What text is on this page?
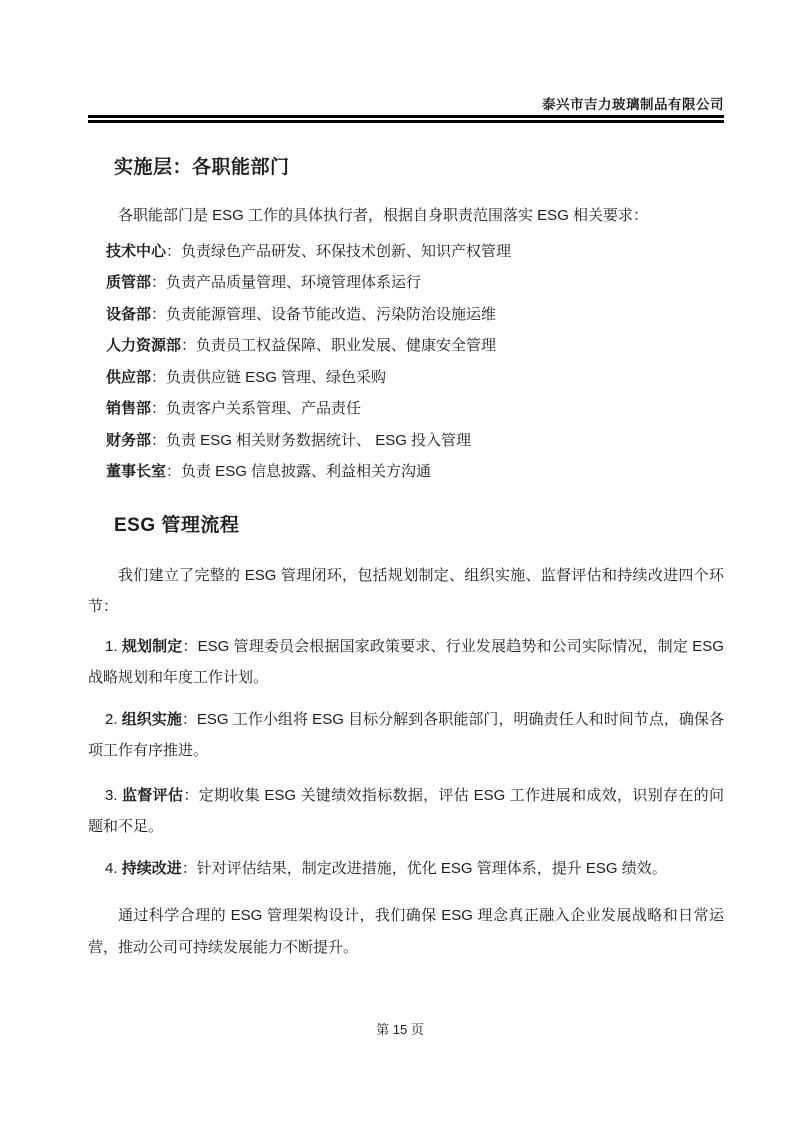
泰兴市吉力玻璃制品有限公司
实施层：各职能部门

各职能部门是 ESG 工作的具体执行者，根据自身职责范围落实 ESG 相关要求：

技术中心：负责绿色产品研发、环保技术创新、知识产权管理

质管部：负责产品质量管理、环境管理体系运行

设备部：负责能源管理、设备节能改造、污染防治设施运维

人力资源部：负责员工权益保障、职业发展、健康安全管理

供应部：负责供应链 ESG 管理、绿色采购

销售部：负责客户关系管理、产品责任

财务部：负责 ESG 相关财务数据统计、 ESG 投入管理

董事长室：负责 ESG 信息披露、利益相关方沟通

ESG 管理流程

我们建立了完整的 ESG 管理闭环，包括规划制定、组织实施、监督评估和持续改进四个环节：

1. 规划制定：ESG 管理委员会根据国家政策要求、行业发展趋势和公司实际情况，制定 ESG 战略规划和年度工作计划。

2. 组织实施：ESG 工作小组将 ESG 目标分解到各职能部门，明确责任人和时间节点，确保各项工作有序推进。

3. 监督评估：定期收集 ESG 关键绩效指标数据，评估 ESG 工作进展和成效，识别存在的问题和不足。

4. 持续改进：针对评估结果，制定改进措施，优化 ESG 管理体系，提升 ESG 绩效。

通过科学合理的 ESG 管理架构设计，我们确保 ESG 理念真正融入企业发展战略和日常运营，推动公司可持续发展能力不断提升。

第 15 页
